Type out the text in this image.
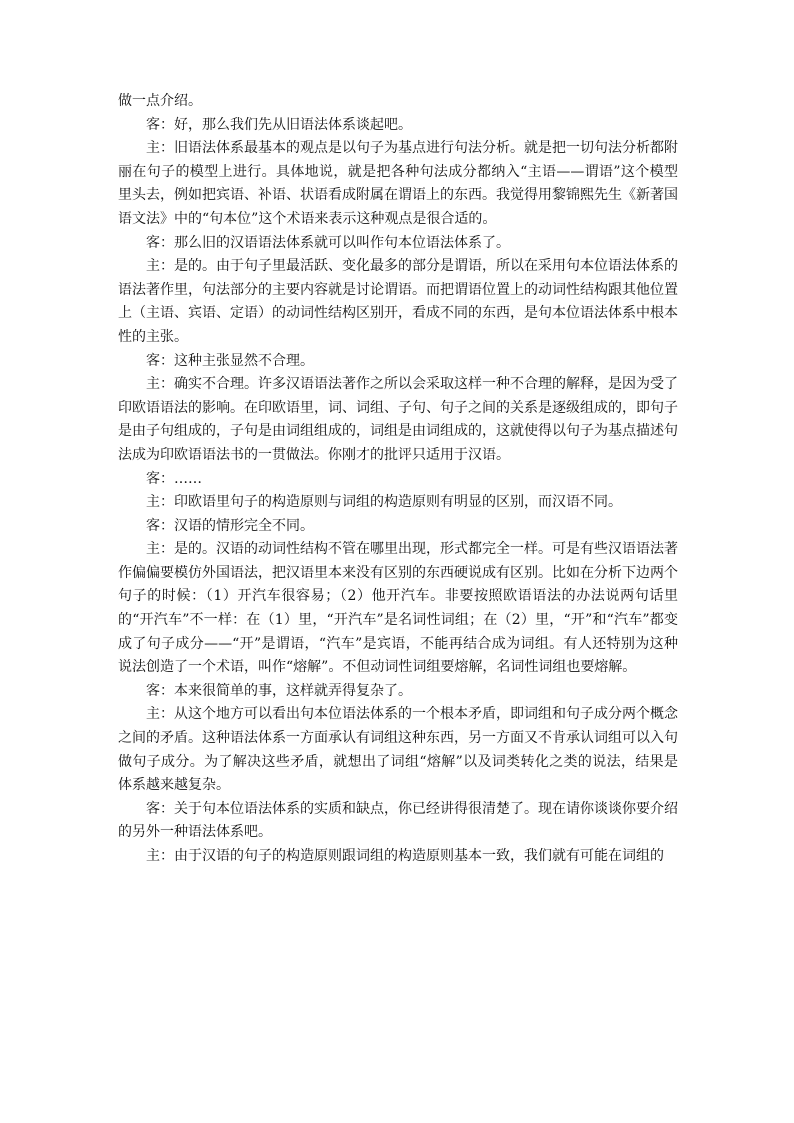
做一点介绍。

客：好，那么我们先从旧语法体系谈起吧。

主：旧语法体系最基本的观点是以句子为基点进行句法分析。就是把一切句法分析都附丽在句子的模型上进行。具体地说，就是把各种句法成分都纳入“主语——谓语”这个模型里头去，例如把宾语、补语、状语看成附属在谓语上的东西。我觉得用黎锦熙先生《新著国语文法》中的“句本位”这个术语来表示这种观点是很合适的。

客：那么旧的汉语语法体系就可以叫作句本位语法体系了。

主：是的。由于句子里最活跃、变化最多的部分是谓语，所以在采用句本位语法体系的语法著作里，句法部分的主要内容就是讨论谓语。而把谓语位置上的动词性结构跟其他位置上（主语、宾语、定语）的动词性结构区别开，看成不同的东西，是句本位语法体系中根本性的主张。

客：这种主张显然不合理。

主：确实不合理。许多汉语语法著作之所以会采取这样一种不合理的解释，是因为受了印欧语语法的影响。在印欧语里，词、词组、子句、句子之间的关系是逐级组成的，即句子是由子句组成的，子句是由词组组成的，词组是由词组成的，这就使得以句子为基点描述句法成为印欧语语法书的一贯做法。你刚才的批评只适用于汉语。

客：……

主：印欧语里句子的构造原则与词组的构造原则有明显的区别，而汉语不同。

客：汉语的情形完全不同。

主：是的。汉语的动词性结构不管在哪里出现，形式都完全一样。可是有些汉语语法著作偏偏要模仿外国语法，把汉语里本来没有区别的东西硬说成有区别。比如在分析下边两个句子的时候：（1）开汽车很容易；（2）他开汽车。非要按照欧语语法的办法说两句话里的“开汽车”不一样：在（1）里，“开汽车”是名词性词组；在（2）里，“开”和“汽车”都变成了句子成分——“开”是谓语，“汽车”是宾语，不能再结合成为词组。有人还特别为这种说法创造了一个术语，叫作“熔解”。不但动词性词组要熔解，名词性词组也要熔解。

客：本来很简单的事，这样就弄得复杂了。

主：从这个地方可以看出句本位语法体系的一个根本矛盾，即词组和句子成分两个概念之间的矛盾。这种语法体系一方面承认有词组这种东西，另一方面又不肯承认词组可以入句做句子成分。为了解决这些矛盾，就想出了词组“熔解”以及词类转化之类的说法，结果是体系越来越复杂。

客：关于句本位语法体系的实质和缺点，你已经讲得很清楚了。现在请你谈谈你要介绍的另外一种语法体系吧。

主：由于汉语的句子的构造原则跟词组的构造原则基本一致，我们就有可能在词组的
